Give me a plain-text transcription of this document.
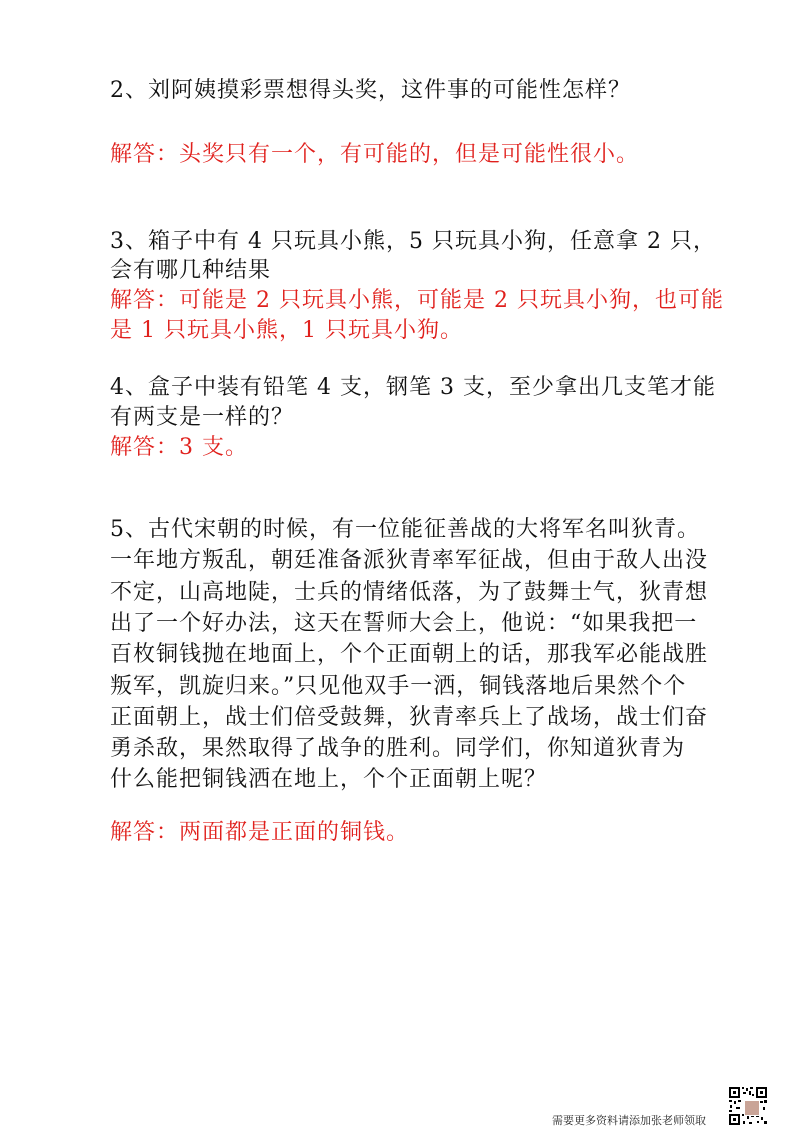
2、刘阿姨摸彩票想得头奖，这件事的可能性怎样？
解答：头奖只有一个，有可能的，但是可能性很小。
3、箱子中有 4 只玩具小熊，5 只玩具小狗，任意拿 2 只，
会有哪几种结果
解答：可能是 2 只玩具小熊，可能是 2 只玩具小狗，也可能
是 1 只玩具小熊，1 只玩具小狗。
4、盒子中装有铅笔 4 支，钢笔 3 支，至少拿出几支笔才能
有两支是一样的？
解答：3 支。
5、古代宋朝的时候，有一位能征善战的大将军名叫狄青。
一年地方叛乱，朝廷准备派狄青率军征战，但由于敌人出没
不定，山高地陡，士兵的情绪低落，为了鼓舞士气，狄青想
出了一个好办法，这天在誓师大会上，他说：“如果我把一
百枚铜钱抛在地面上，个个正面朝上的话，那我军必能战胜
叛军，凯旋归来。”只见他双手一洒，铜钱落地后果然个个
正面朝上，战士们倍受鼓舞，狄青率兵上了战场，战士们奋
勇杀敌，果然取得了战争的胜利。同学们，你知道狄青为
什么能把铜钱洒在地上，个个正面朝上呢？
解答：两面都是正面的铜钱。
需要更多资料请添加张老师领取
